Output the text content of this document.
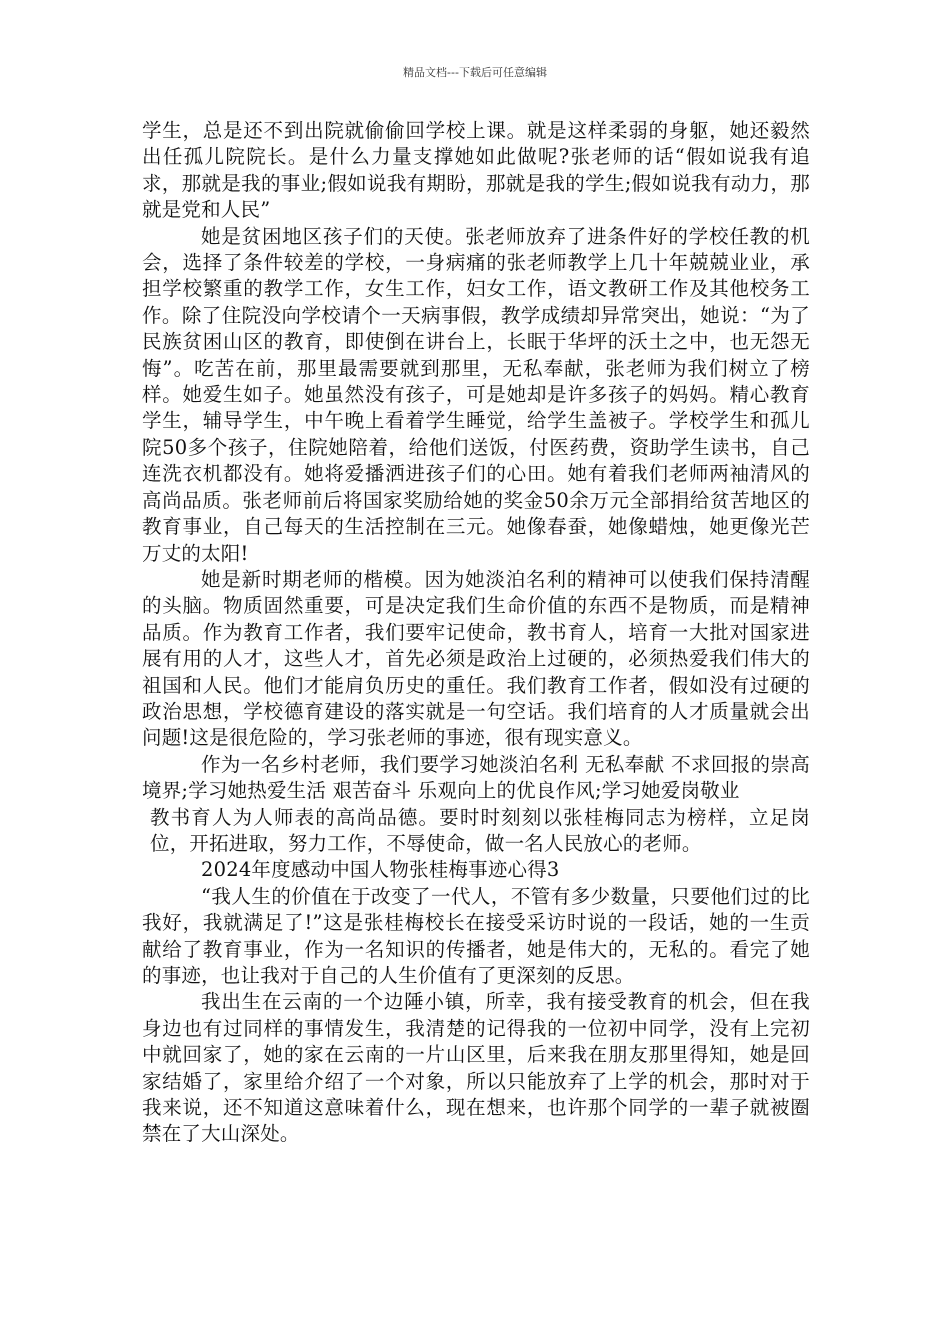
精品文档---下载后可任意编辑

学生，总是还不到出院就偷偷回学校上课。就是这样柔弱的身躯，她还毅然出任孤儿院院长。是什么力量支撑她如此做呢?张老师的话“假如说我有追求，那就是我的事业;假如说我有期盼，那就是我的学生;假如说我有动力，那就是党和人民”

她是贫困地区孩子们的天使。张老师放弃了进条件好的学校任教的机会，选择了条件较差的学校，一身病痛的张老师教学上几十年兢兢业业，承担学校繁重的教学工作，女生工作，妇女工作，语文教研工作及其他校务工作。除了住院没向学校请个一天病事假，教学成绩却异常突出，她说：“为了民族贫困山区的教育，即使倒在讲台上，长眠于华坪的沃土之中，也无怨无悔”。吃苦在前，那里最需要就到那里，无私奉献，张老师为我们树立了榜样。她爱生如子。她虽然没有孩子，可是她却是许多孩子的妈妈。精心教育学生，辅导学生，中午晚上看着学生睡觉，给学生盖被子。学校学生和孤儿院50多个孩子，住院她陪着，给他们送饭，付医药费，资助学生读书，自己连洗衣机都没有。她将爱播洒进孩子们的心田。她有着我们老师两袖清风的高尚品质。张老师前后将国家奖励给她的奖金50余万元全部捐给贫苦地区的教育事业，自己每天的生活控制在三元。她像春蚕，她像蜡烛，她更像光芒万丈的太阳!

她是新时期老师的楷模。因为她淡泊名利的精神可以使我们保持清醒的头脑。物质固然重要，可是决定我们生命价值的东西不是物质，而是精神品质。作为教育工作者，我们要牢记使命，教书育人，培育一大批对国家进展有用的人才，这些人才，首先必须是政治上过硬的，必须热爱我们伟大的祖国和人民。他们才能肩负历史的重任。我们教育工作者，假如没有过硬的政治思想，学校德育建设的落实就是一句空话。我们培育的人才质量就会出问题!这是很危险的，学习张老师的事迹，很有现实意义。

作为一名乡村老师，我们要学习她淡泊名利 无私奉献 不求回报的崇高境界;学习她热爱生活 艰苦奋斗 乐观向上的优良作风;学习她爱岗敬业

教书育人为人师表的高尚品德。要时时刻刻以张桂梅同志为榜样，立足岗位，开拓进取，努力工作，不辱使命，做一名人民放心的老师。

2024年度感动中国人物张桂梅事迹心得3

“我人生的价值在于改变了一代人，不管有多少数量，只要他们过的比我好，我就满足了!”这是张桂梅校长在接受采访时说的一段话，她的一生贡献给了教育事业，作为一名知识的传播者，她是伟大的，无私的。看完了她的事迹，也让我对于自己的人生价值有了更深刻的反思。

我出生在云南的一个边陲小镇，所幸，我有接受教育的机会，但在我身边也有过同样的事情发生，我清楚的记得我的一位初中同学，没有上完初中就回家了，她的家在云南的一片山区里，后来我在朋友那里得知，她是回家结婚了，家里给介绍了一个对象，所以只能放弃了上学的机会，那时对于我来说，还不知道这意味着什么，现在想来，也许那个同学的一辈子就被圈禁在了大山深处。
